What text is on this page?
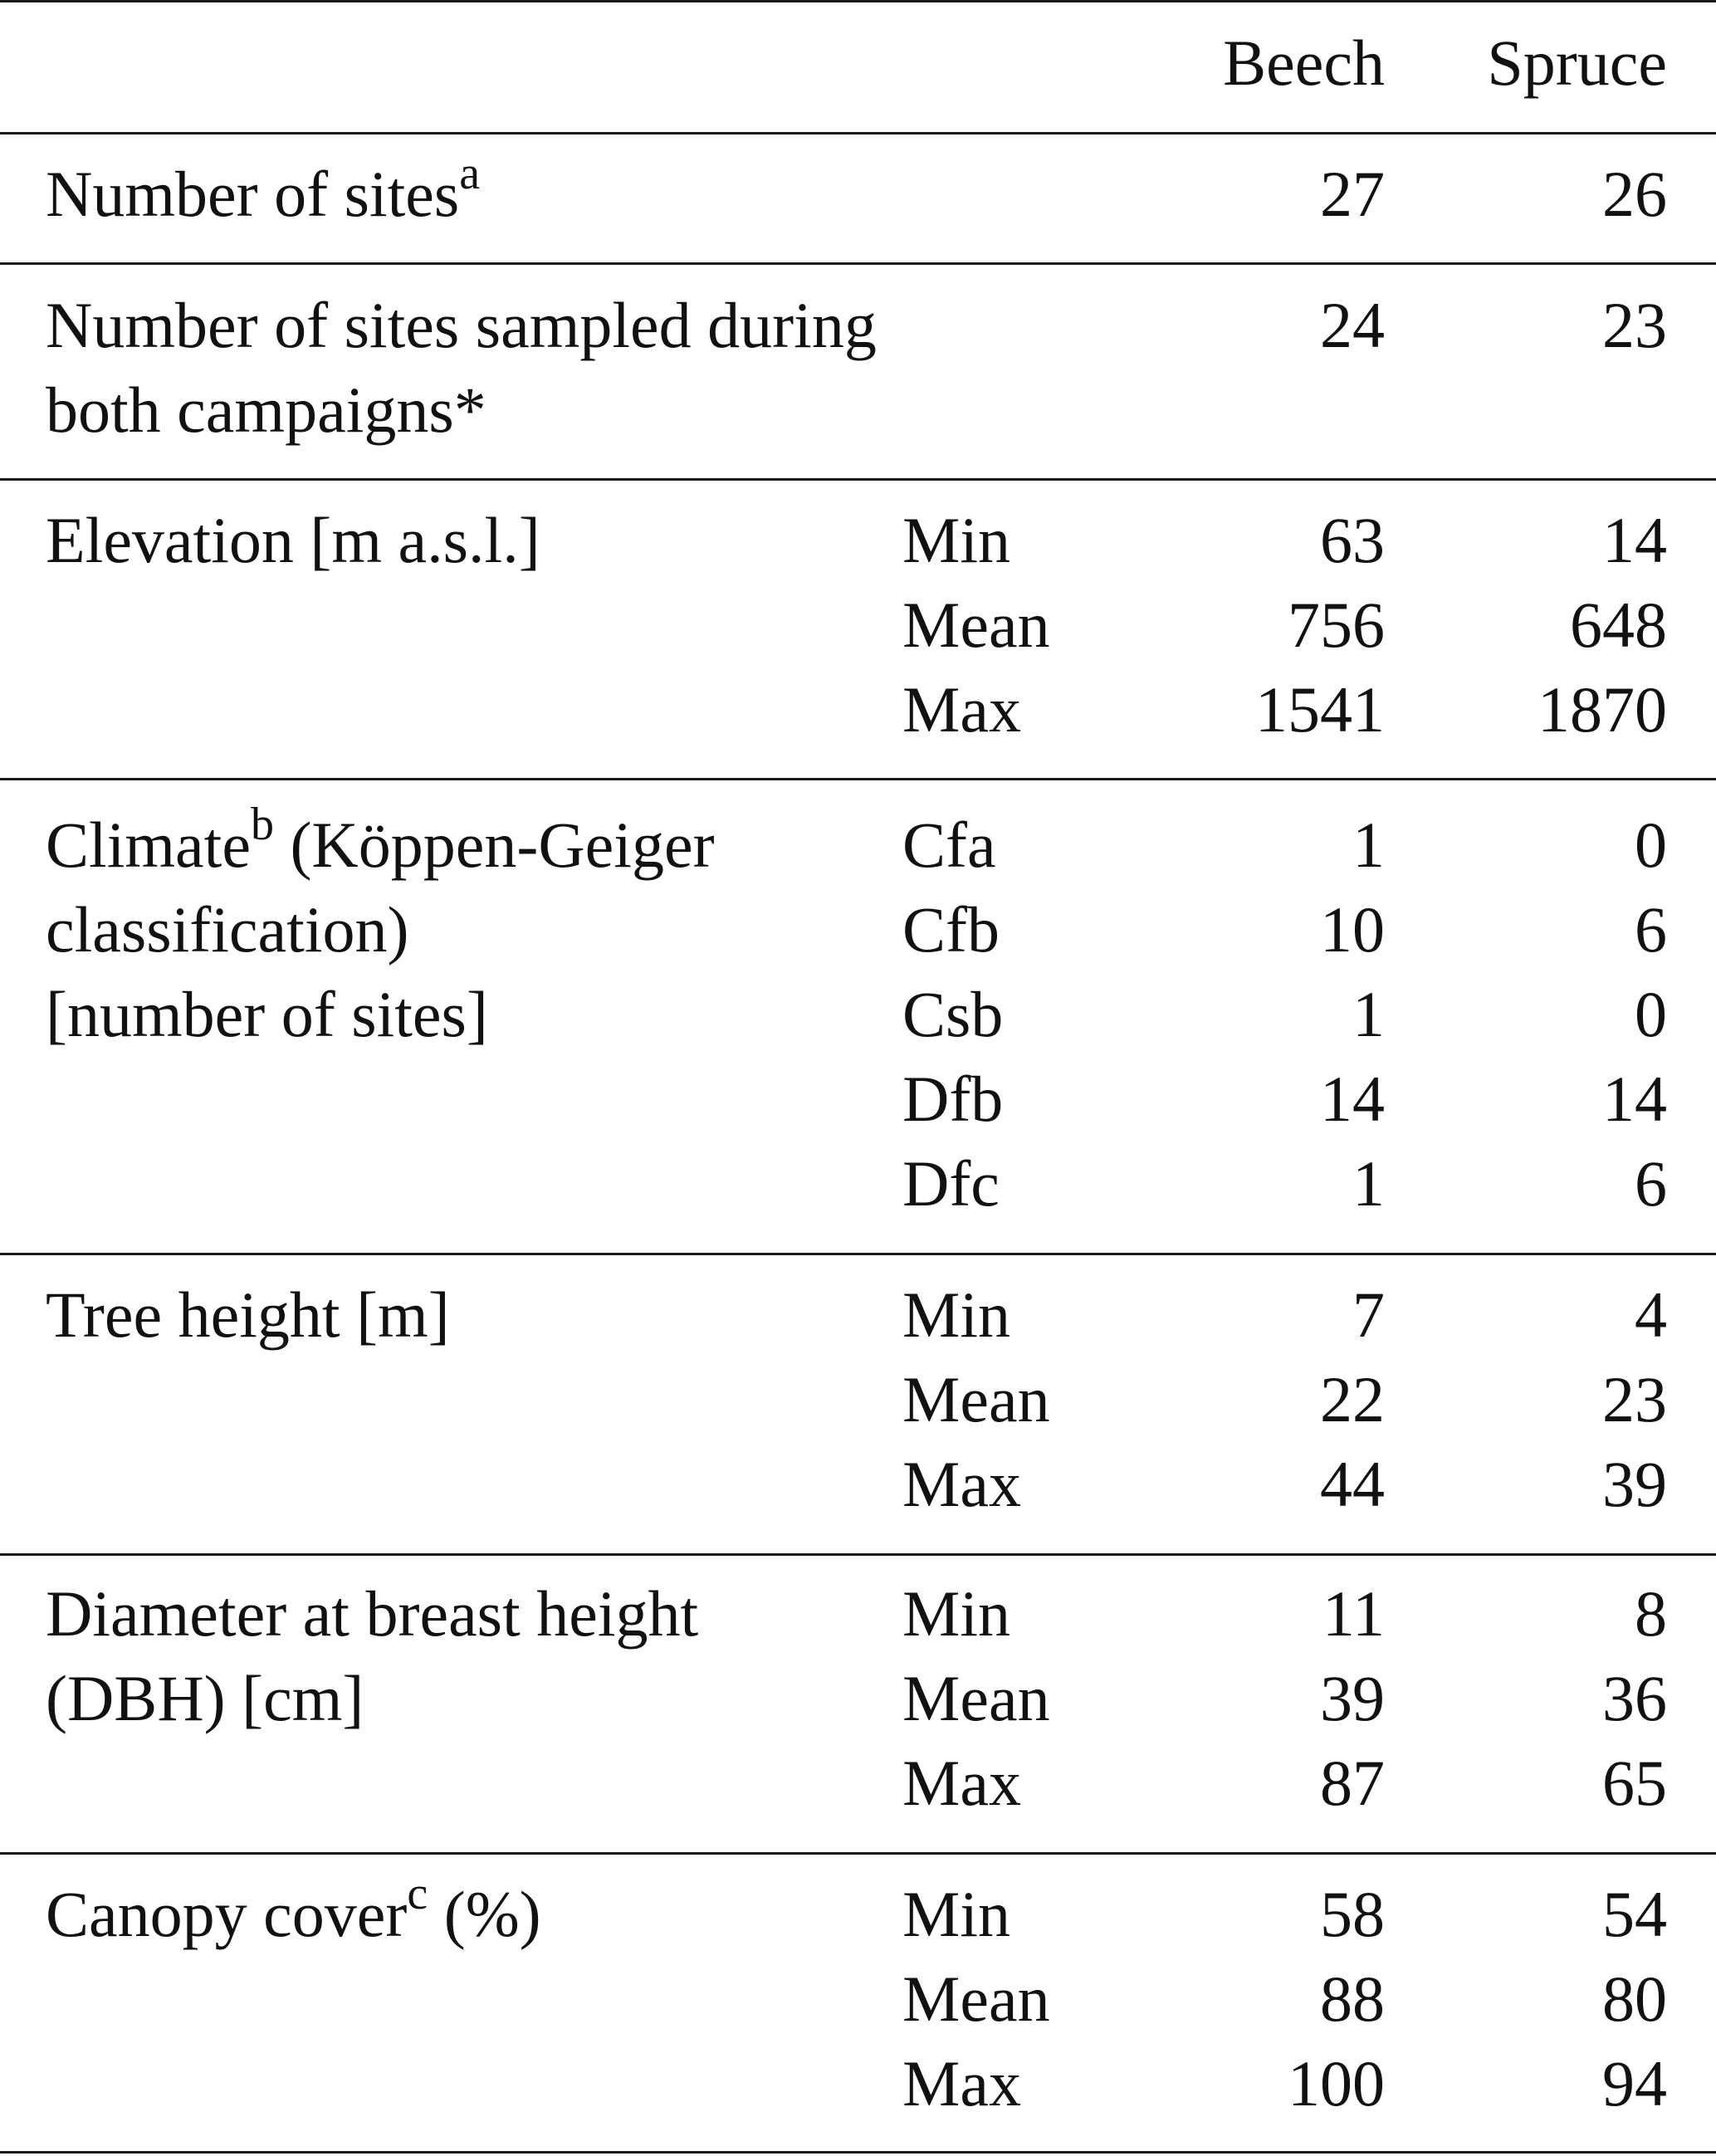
Beech Spruce
Number of sites$^a$	27	26
Number of sites sampled during
both campaigns*
24	23
Elevation [m a.s.l.]	Min	63	14
Mean	756	648
Max	1541 1870
Climate$^b$ (Köppen-Geiger
classification)
[number of sites]
Cfa	1	0
Cfb	10	6
Csb	1	0
Dfb	14	14
Dfc	1	6
Tree height [m]	Min	7	4
Mean	22	23
Max	44	39
Diameter at breast height
(DBH) [cm]
Min	11	8
Mean	39	36
Max	87	65
Canopy cover$^c$ (%)	Min	58	54
Mean	88	80
Max	100	94
